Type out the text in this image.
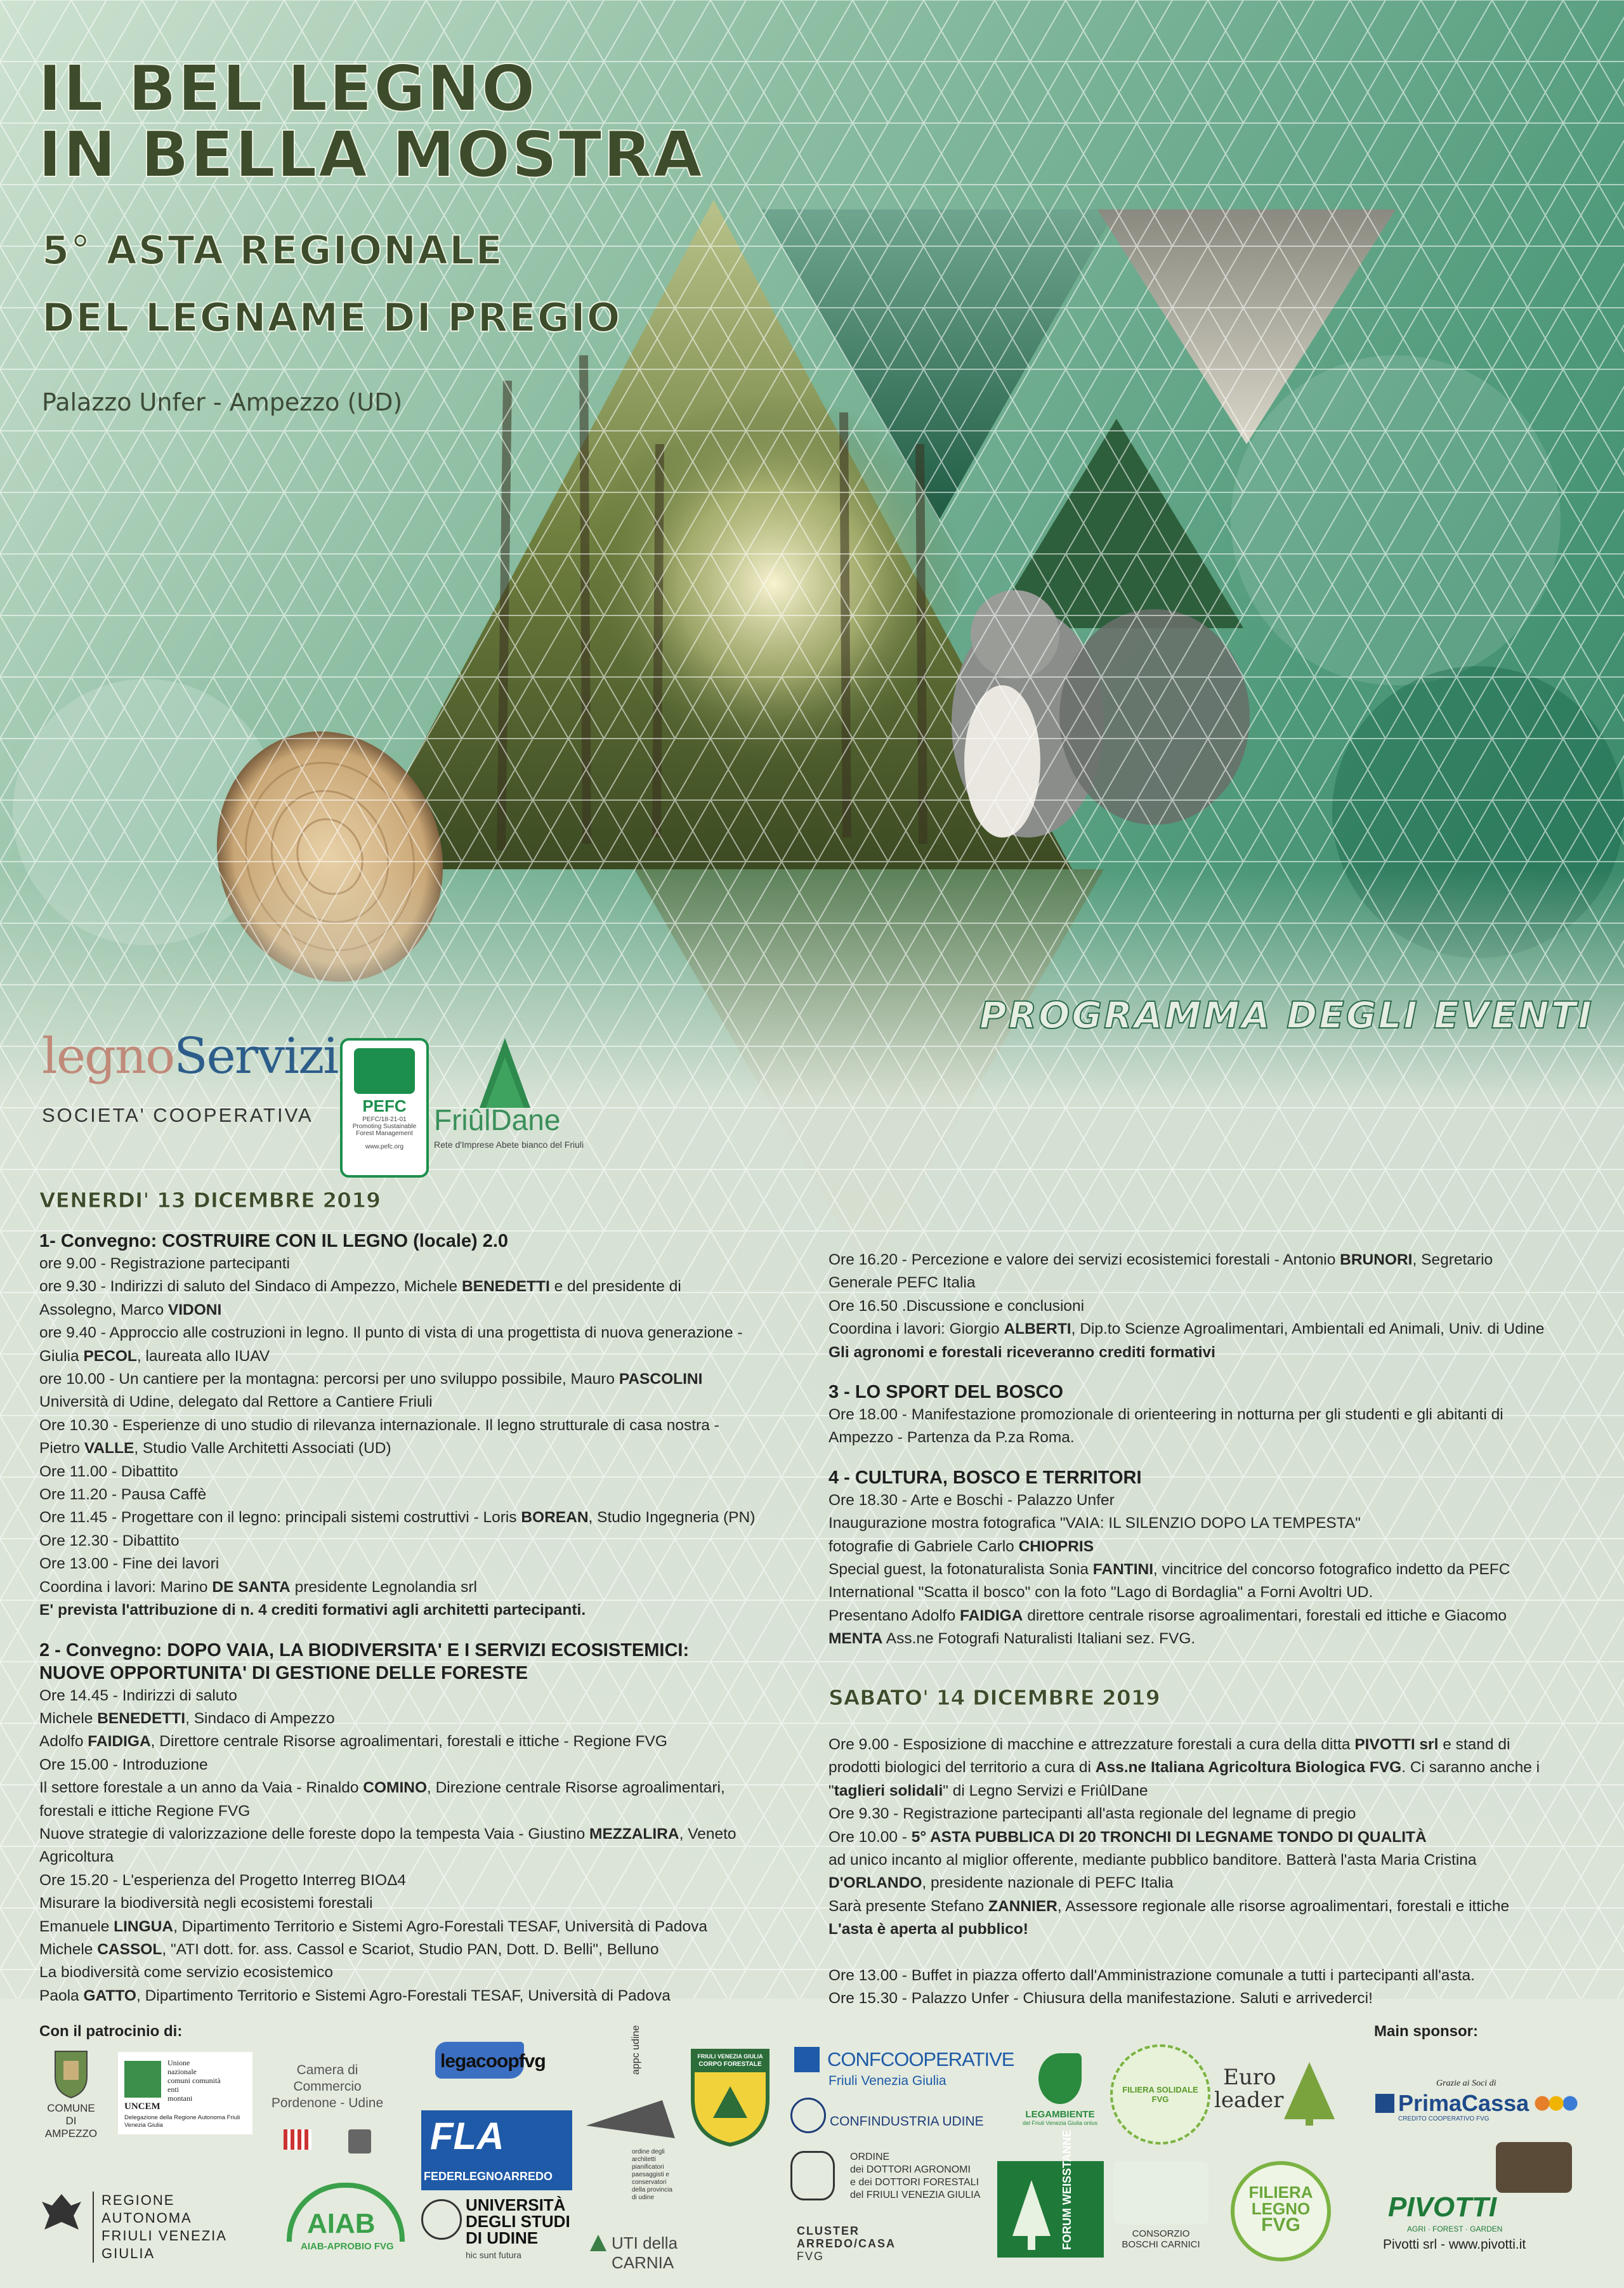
IL BEL LEGNO
IN BELLA MOSTRA
5° ASTA REGIONALE
DEL LEGNAME DI PREGIO
Palazzo Unfer - Ampezzo (UD)
PROGRAMMA DEGLI EVENTI
legnoServizi
SOCIETA' COOPERATIVA	PEFC
PEFC/18-21-01
Promoting Sustainable
Forest Management
www.pefc.org
FriûlDane
Rete d'Imprese Abete bianco del Friuli
VENERDI' 13 DICEMBRE 2019
1- Convegno: COSTRUIRE CON IL LEGNO (locale) 2.0
ore 9.00 - Registrazione partecipanti
ore 9.30 - Indirizzi di saluto del Sindaco di Ampezzo, Michele BENEDETTI e del presidente di
Assolegno, Marco VIDONI
ore 9.40 - Approccio alle costruzioni in legno. Il punto di vista di una progettista di nuova generazione -
Giulia PECOL, laureata allo IUAV
ore 10.00 - Un cantiere per la montagna: percorsi per uno sviluppo possibile, Mauro PASCOLINI
Università di Udine, delegato dal Rettore a Cantiere Friuli
Ore 10.30 - Esperienze di uno studio di rilevanza internazionale. Il legno strutturale di casa nostra -
Pietro VALLE, Studio Valle Architetti Associati (UD)
Ore 11.00 - Dibattito
Ore 11.20 - Pausa Caffè
Ore 11.45 - Progettare con il legno: principali sistemi costruttivi - Loris BOREAN, Studio Ingegneria (PN)
Ore 12.30 - Dibattito
Ore 13.00 - Fine dei lavori
Coordina i lavori: Marino DE SANTA presidente Legnolandia srl
E' prevista l'attribuzione di n. 4 crediti formativi agli architetti partecipanti.
2 - Convegno: DOPO VAIA, LA BIODIVERSITA' E I SERVIZI ECOSISTEMICI:
NUOVE OPPORTUNITA' DI GESTIONE DELLE FORESTE
Ore 14.45 - Indirizzi di saluto
Michele BENEDETTI, Sindaco di Ampezzo
Adolfo FAIDIGA, Direttore centrale Risorse agroalimentari, forestali e ittiche - Regione FVG
Ore 15.00 - Introduzione
Il settore forestale a un anno da Vaia - Rinaldo COMINO, Direzione centrale Risorse agroalimentari,
forestali e ittiche Regione FVG
Nuove strategie di valorizzazione delle foreste dopo la tempesta Vaia - Giustino MEZZALIRA, Veneto
Agricoltura
Ore 15.20 - L'esperienza del Progetto Interreg BIOΔ4
Misurare la biodiversità negli ecosistemi forestali
Emanuele LINGUA, Dipartimento Territorio e Sistemi Agro-Forestali TESAF, Università di Padova
Michele CASSOL, "ATI dott. for. ass. Cassol e Scariot, Studio PAN, Dott. D. Belli", Belluno
La biodiversità come servizio ecosistemico
Paola GATTO, Dipartimento Territorio e Sistemi Agro-Forestali TESAF, Università di Padova
Ore 16.20 - Percezione e valore dei servizi ecosistemici forestali - Antonio BRUNORI, Segretario
Generale PEFC Italia
Ore 16.50 .Discussione e conclusioni
Coordina i lavori: Giorgio ALBERTI, Dip.to Scienze Agroalimentari, Ambientali ed Animali, Univ. di Udine
Gli agronomi e forestali riceveranno crediti formativi
3 - LO SPORT DEL BOSCO
Ore 18.00 - Manifestazione promozionale di orienteering in notturna per gli studenti e gli abitanti di
Ampezzo - Partenza da P.za Roma.
4 - CULTURA, BOSCO E TERRITORI
Ore 18.30 - Arte e Boschi - Palazzo Unfer
Inaugurazione mostra fotografica "VAIA: IL SILENZIO DOPO LA TEMPESTA"
fotografie di Gabriele Carlo CHIOPRIS
Special guest, la fotonaturalista Sonia FANTINI, vincitrice del concorso fotografico indetto da PEFC
International "Scatta il bosco" con la foto "Lago di Bordaglia" a Forni Avoltri UD.
Presentano Adolfo FAIDIGA direttore centrale risorse agroalimentari, forestali ed ittiche e Giacomo
MENTA Ass.ne Fotografi Naturalisti Italiani sez. FVG.
SABATO' 14 DICEMBRE 2019
Ore 9.00 - Esposizione di macchine e attrezzature forestali a cura della ditta PIVOTTI srl e stand di
prodotti biologici del territorio a cura di Ass.ne Italiana Agricoltura Biologica FVG. Ci saranno anche i
"taglieri solidali" di Legno Servizi e FriûlDane
Ore 9.30 - Registrazione partecipanti all'asta regionale del legname di pregio
Ore 10.00 - 5° ASTA PUBBLICA DI 20 TRONCHI DI LEGNAME TONDO DI QUALITÀ
ad unico incanto al miglior offerente, mediante pubblico banditore. Batterà l'asta Maria Cristina
D'ORLANDO, presidente nazionale di PEFC Italia
Sarà presente Stefano ZANNIER, Assessore regionale alle risorse agroalimentari, forestali e ittiche
L'asta è aperta al pubblico!
Ore 13.00 - Buffet in piazza offerto dall'Amministrazione comunale a tutti i partecipanti all'asta.
Ore 15.30 - Palazzo Unfer - Chiusura della manifestazione. Saluti e arrivederci!
Con il patrocinio di:	Main sponsor:
COMUNE
DI AMPEZZO
Unione
nazionale
comuni comunità
enti
montani
UNCEM
Delegazione della Regione Autonoma Friuli Venezia Giulia
Camera di Commercio
Pordenone - Udine
legacoopfvg
FLA
FEDERLEGNOARREDO
appc udine
ordine degli architetti pianificatori paesaggisti e conservatori della provincia di udine
FRIULI VENEZIA GIULIA
CORPO FORESTALE	CONFCOOPERATIVE
Friuli Venezia Giulia
CONFINDUSTRIA UDINE	LEGAMBIENTE
del Friuli Venezia Giulia onlus
FILIERA SOLIDALE FVG
Euro
leader
Grazie ai Soci di
PrimaCassa
CREDITO COOPERATIVO FVG
REGIONE AUTONOMA
FRIULI VENEZIA GIULIA
AIAB
AIAB-APROBIO FVG
UNIVERSITÀ
DEGLI STUDI
DI UDINE
hic sunt futura
UTI della CARNIA
ORDINE
dei DOTTORI AGRONOMI
e dei DOTTORI FORESTALI
del FRIULI VENEZIA GIULIA
CLUSTER
ARREDO/CASA
FVG
FORUM WEISSTANNE	CONSORZIO
BOSCHI CARNICI
FILIERA
LEGNO
FVG
PIVOTTI
AGRI · FOREST · GARDEN
Pivotti srl - www.pivotti.it
